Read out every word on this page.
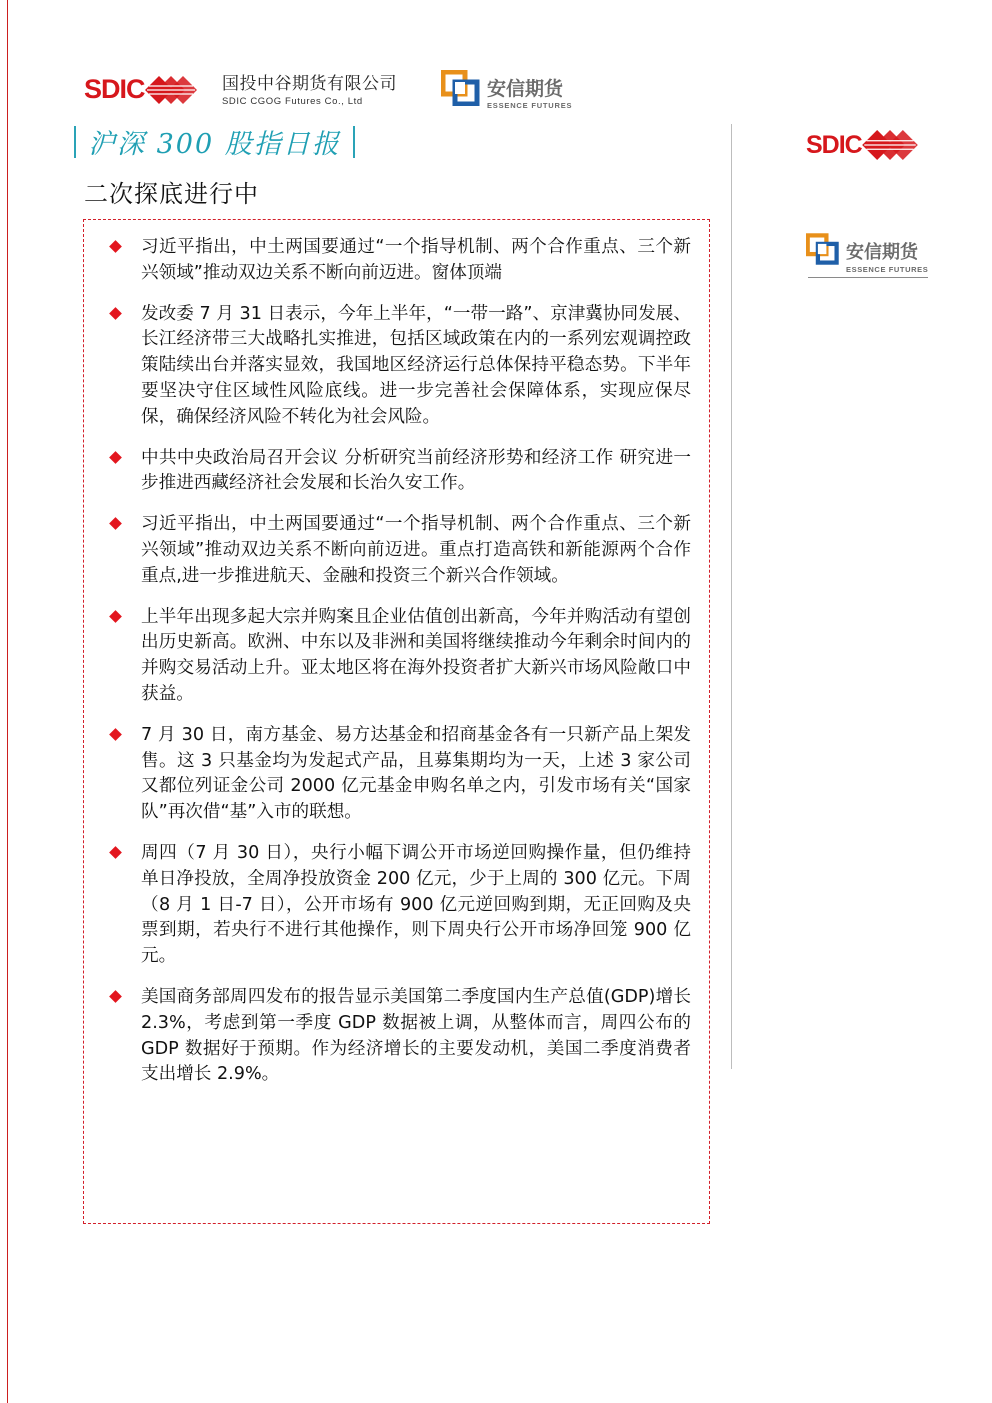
SDIC	国投中谷期货有限公司
SDIC CGOG Futures Co., Ltd
安信期货
ESSENCE FUTURES
沪深 300 股指日报
二次探底进行中
习近平指出，中土两国要通过“一个指导机制、两个合作重点、三个新兴领域”推动双边关系不断向前迈进。窗体顶端
发改委 7 月 31 日表示，今年上半年，“一带一路”、京津冀协同发展、长江经济带三大战略扎实推进，包括区域政策在内的一系列宏观调控政策陆续出台并落实显效，我国地区经济运行总体保持平稳态势。下半年要坚决守住区域性风险底线。进一步完善社会保障体系，实现应保尽保，确保经济风险不转化为社会风险。
中共中央政治局召开会议 分析研究当前经济形势和经济工作 研究进一步推进西藏经济社会发展和长治久安工作。
习近平指出，中土两国要通过“一个指导机制、两个合作重点、三个新兴领域”推动双边关系不断向前迈进。重点打造高铁和新能源两个合作重点,进一步推进航天、金融和投资三个新兴合作领域。
上半年出现多起大宗并购案且企业估值创出新高，今年并购活动有望创出历史新高。欧洲、中东以及非洲和美国将继续推动今年剩余时间内的并购交易活动上升。亚太地区将在海外投资者扩大新兴市场风险敞口中获益。
7 月 30 日，南方基金、易方达基金和招商基金各有一只新产品上架发售。这 3 只基金均为发起式产品，且募集期均为一天，上述 3 家公司又都位列证金公司 2000 亿元基金申购名单之内，引发市场有关“国家队”再次借“基”入市的联想。
周四（7 月 30 日），央行小幅下调公开市场逆回购操作量，但仍维持单日净投放，全周净投放资金 200 亿元，少于上周的 300 亿元。下周（8 月 1 日-7 日），公开市场有 900 亿元逆回购到期，无正回购及央票到期，若央行不进行其他操作，则下周央行公开市场净回笼 900 亿元。
美国商务部周四发布的报告显示美国第二季度国内生产总值(GDP)增长 2.3%，考虑到第一季度 GDP 数据被上调，从整体而言，周四公布的 GDP 数据好于预期。作为经济增长的主要发动机，美国二季度消费者支出增长 2.9%。
SDIC
安信期货
ESSENCE FUTURES
